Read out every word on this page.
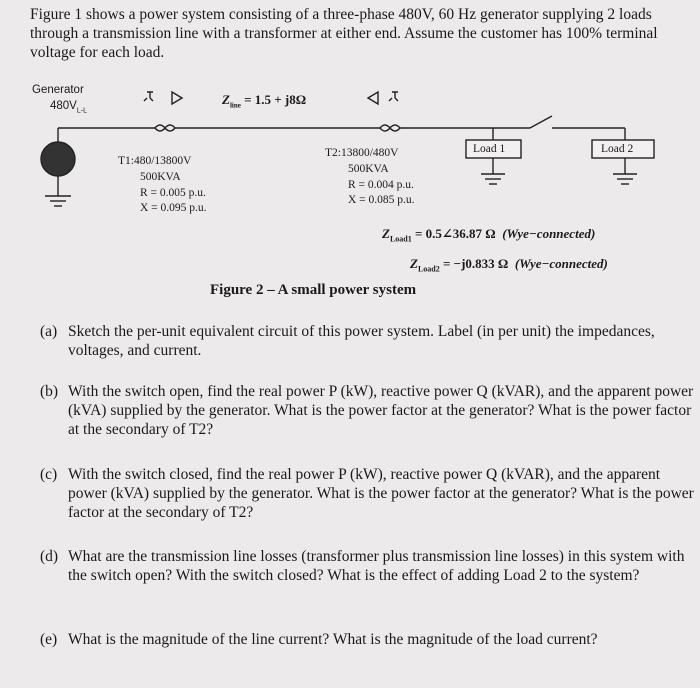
Figure 1 shows a power system consisting of a three-phase 480V, 60 Hz generator supplying 2 loads through a transmission line with a transformer at either end. Assume the customer has 100% terminal voltage for each load.
Generator
$480V_{L-L}$
$Z_{line} = 1.5 + j8\Omega$
T1:480/13800V
500KVA
R = 0.005 p.u.
X = 0.095 p.u.
T2:13800/480V
500KVA
R = 0.004 p.u.
X = 0.085 p.u.
Load 1	Load 2
$Z_{Load1}$ = 0.5∠36.87 Ω (Wye−connected)
$Z_{Load2} = -j0.833$ Ω (Wye−connected)
Figure 2 – A small power system
(a) Sketch the per-unit equivalent circuit of this power system. Label (in per unit) the impedances, voltages, and current.
(b) With the switch open, find the real power P (kW), reactive power Q (kVAR), and the apparent power (kVA) supplied by the generator. What is the power factor at the generator? What is the power factor at the secondary of T2?
(c) With the switch closed, find the real power P (kW), reactive power Q (kVAR), and the apparent power (kVA) supplied by the generator. What is the power factor at the generator? What is the power factor at the secondary of T2?
(d) What are the transmission line losses (transformer plus transmission line losses) in this system with the switch open? With the switch closed? What is the effect of adding Load 2 to the system?
(e) What is the magnitude of the line current? What is the magnitude of the load current?
